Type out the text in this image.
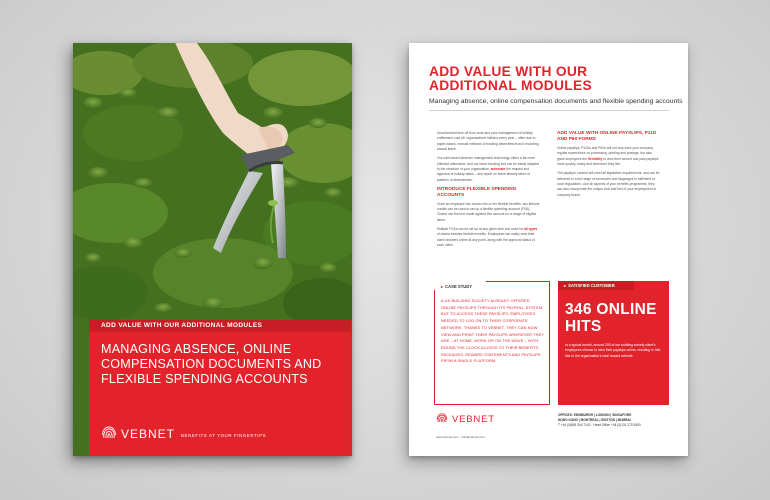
ADD VALUE WITH OUR ADDITIONAL MODULES
MANAGING ABSENCE, ONLINE COMPENSATION DOCUMENTS AND FLEXIBLE SPENDING ACCOUNTS
VEBNET BENEFITS AT YOUR FINGERTIPS
ADD VALUE WITH OUR ADDITIONAL MODULES
Managing absence, online compensation documents and flexible spending accounts

Unauthorised time off from work and poor management of holiday entitlement cost UK organisations millions every year – often due to paper-based, manual methods of tracking absenteeism and recording annual leave.

Our web-based absence management technology offers a far more effective alternative. And our leave tracking tool can be easily adapted to the structure of your organisation, automate the request and approval of holiday dates – and report on leave already taken or patterns of absenteeism.

INTRODUCE FLEXIBLE SPENDING ACCOUNTS

Once an employee has chosen his or her flexible benefits, any leftover credits can be used to set up a flexible spending account (FSA). Claims can then be made against this account for a range of eligible items.

Multiple FSAs can be set up at any given time and used for all types of claims besides flexible benefits. Employees can easily view their claim histories online at any point, along with the approval status of each claim.

ADD VALUE WITH ONLINE PAYSLIPS, P11D AND P60 FORMS

Online payslips, P11Ds and P60s will not only save your company regular expenditure on processing, printing and postage, but also gives employees the flexibility to view their current and past payslips more quickly, easily and whenever they like.

The payslips' content will meet all legislative requirements, and can be delivered in a full range of currencies and languages in fulfilment of local regulations. Like all aspects of your benefits programme, they can also incorporate the unique look and feel of your employment or company brand.

▸ CASE STUDY
A UK BUILDING SOCIETY ALREADY OFFERED ONLINE PAYSLIPS THROUGH ITS PAYROLL SYSTEM. BUT TO ACCESS THESE PAYSLIPS, EMPLOYEES NEEDED TO LOG ON TO THEIR CORPORATE NETWORK. THANKS TO VEBNET, THEY CAN NOW VIEW AND PRINT THEIR PAYSLIPS WHEREVER THEY ARE – AT HOME, WORK OR ON THE MOVE – WITH ROUND THE CLOCK ACCESS TO THEIR BENEFITS PACKAGES, REWARD STATEMENTS AND PAYSLIPS FROM A SINGLE PLATFORM.
▸ SATISFIED CUSTOMER
346 ONLINE HITS
In a typical month, around 200 of our building society client's employees choose to view their payslips online, resulting in 346 hits to the organisation's total reward website.
VEBNET	OFFICES: EDINBURGH | LONDON | SINGAPORE
HONG KONG | MONTREAL | BOSTON | MUMBAI
T +44 (0)845 304 7142 · Head Office +44 (0)131 270 5500
www.vebnet.com · info@vebnet.com
